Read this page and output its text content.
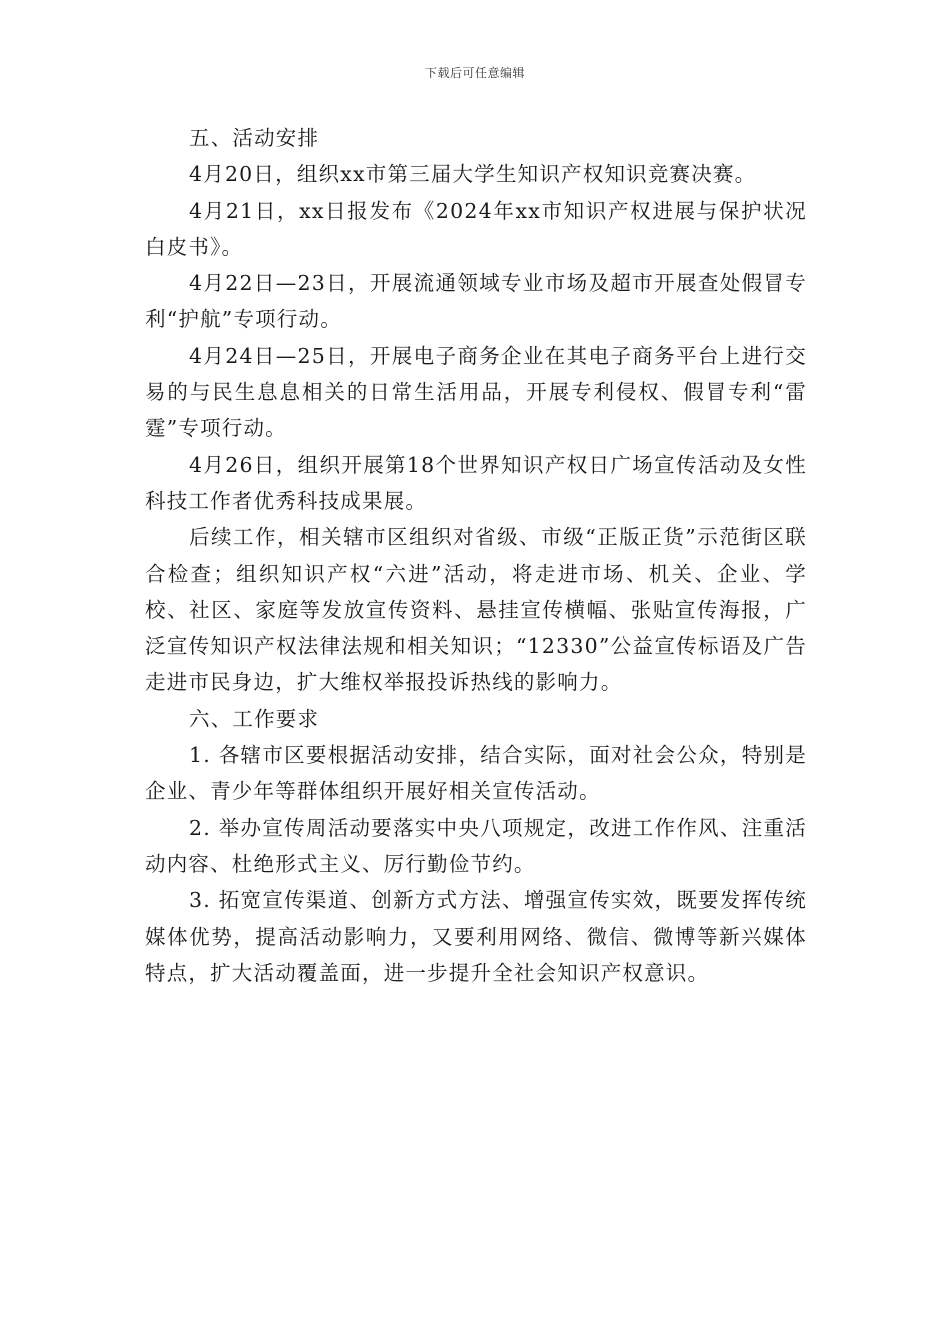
下载后可任意编辑

五、活动安排

4月20日，组织xx市第三届大学生知识产权知识竞赛决赛。

4月21日，xx日报发布《2024年xx市知识产权进展与保护状况白皮书》。

4月22日—23日，开展流通领域专业市场及超市开展查处假冒专利“护航”专项行动。

4月24日—25日，开展电子商务企业在其电子商务平台上进行交易的与民生息息相关的日常生活用品，开展专利侵权、假冒专利“雷霆”专项行动。

4月26日，组织开展第18个世界知识产权日广场宣传活动及女性科技工作者优秀科技成果展。

后续工作，相关辖市区组织对省级、市级“正版正货”示范街区联合检查；组织知识产权“六进”活动，将走进市场、机关、企业、学校、社区、家庭等发放宣传资料、悬挂宣传横幅、张贴宣传海报，广泛宣传知识产权法律法规和相关知识；“12330”公益宣传标语及广告走进市民身边，扩大维权举报投诉热线的影响力。

六、工作要求

1. 各辖市区要根据活动安排，结合实际，面对社会公众，特别是企业、青少年等群体组织开展好相关宣传活动。

2. 举办宣传周活动要落实中央八项规定，改进工作作风、注重活动内容、杜绝形式主义、厉行勤俭节约。

3. 拓宽宣传渠道、创新方式方法、增强宣传实效，既要发挥传统媒体优势，提高活动影响力，又要利用网络、微信、微博等新兴媒体特点，扩大活动覆盖面，进一步提升全社会知识产权意识。
